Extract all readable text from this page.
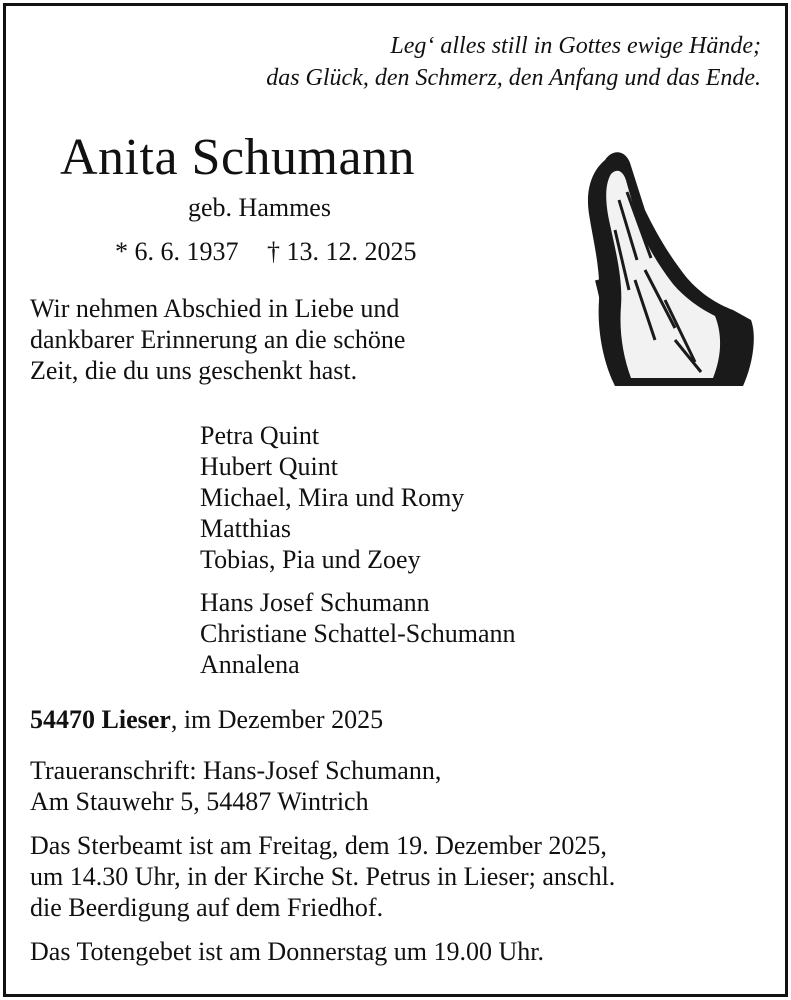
Leg‘ alles still in Gottes ewige Hände;
das Glück, den Schmerz, den Anfang und das Ende.
Anita Schumann
geb. Hammes
* 6. 6. 1937 † 13. 12. 2025
Wir nehmen Abschied in Liebe und
dankbarer Erinnerung an die schöne
Zeit, die du uns geschenkt hast.
Petra Quint
Hubert Quint
Michael, Mira und Romy
Matthias
Tobias, Pia und Zoey
Hans Josef Schumann
Christiane Schattel-Schumann
Annalena
54470 Lieser, im Dezember 2025
Traueranschrift: Hans-Josef Schumann,
Am Stauwehr 5, 54487 Wintrich
Das Sterbeamt ist am Freitag, dem 19. Dezember 2025,
um 14.30 Uhr, in der Kirche St. Petrus in Lieser; anschl.
die Beerdigung auf dem Friedhof.
Das Totengebet ist am Donnerstag um 19.00 Uhr.
